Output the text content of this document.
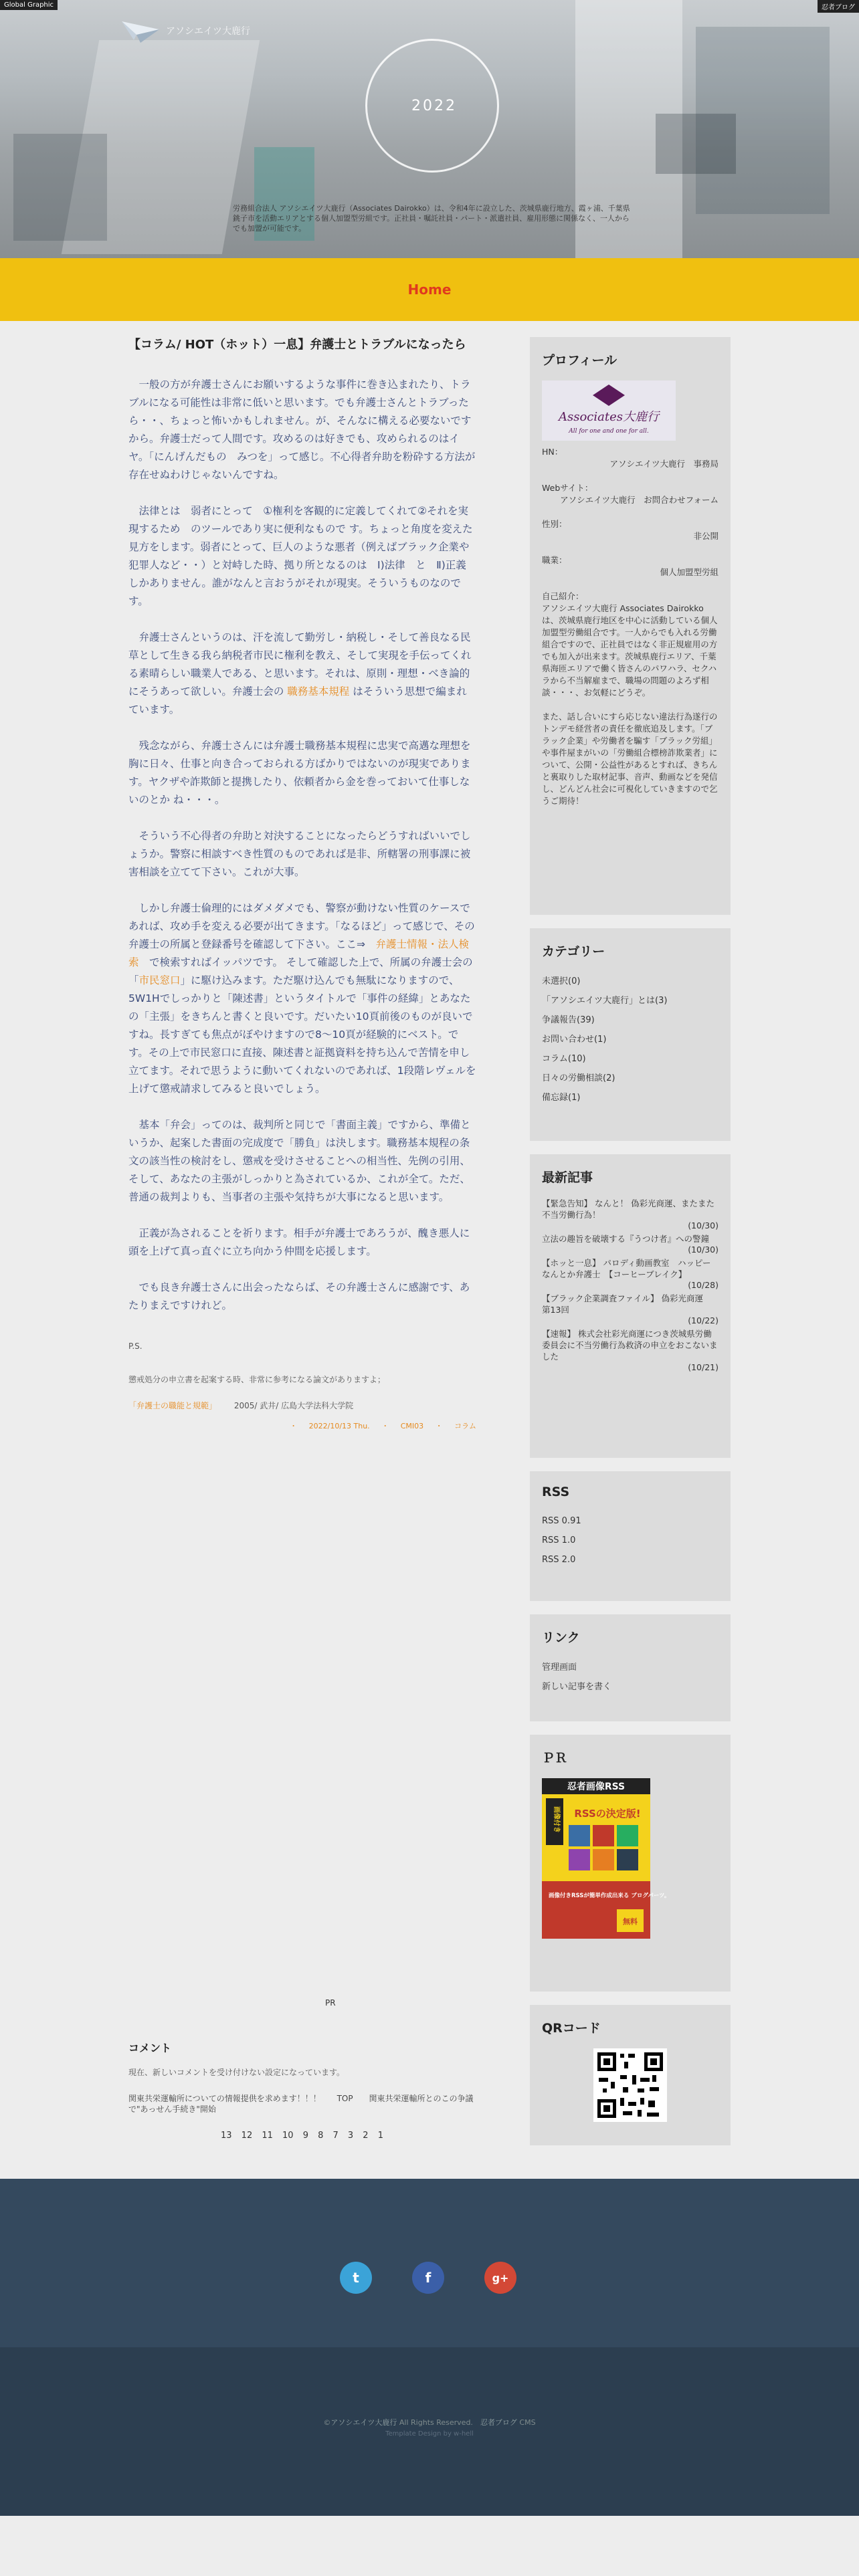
アソシエイツ大鹿行
2022
労務組合法人 アソシエイツ大鹿行（Associates Dairokko）は、令和4年に設立した、茨城県鹿行地方、霞ヶ浦、千葉県銚子市を活動エリアとする個人加盟型労組です。正社員・嘱託社員・パート・派遣社員、雇用形態に関係なく、一人からでも加盟が可能です。
Global Graphic	忍者ブログ
Home
【コラム/ HOT（ホット）一息】弁護士とトラブルになったら

一般の方が弁護士さんにお願いするような事件に巻き込まれたり、トラブルになる可能性は非常に低いと思います。でも弁護士さんとトラブったら・・、ちょっと怖いかもしれません。が、そんなに構える必要ないですから。弁護士だって人間です。攻めるのは好きでも、攻められるのはイヤ。「にんげんだもの　みつを」って感じ。不心得者弁助を粉砕する方法が存在せぬわけじゃないんですね。

法律とは　弱者にとって　①権利を客観的に定義してくれて②それを実現するため　のツールであり実に便利なもので す。ちょっと角度を変えた見方をします。弱者にとって、巨人のような悪者（例えばブラック企業や犯罪人など・・）と対峙した時、拠り所となるのは　Ⅰ)法律　と　Ⅱ)正義　しかありません。誰がなんと言おうがそれが現実。そういうものなのです。

弁護士さんというのは、汗を流して勤労し・納税し・そして善良なる民草として生きる我ら納税者市民に権利を教え、そして実現を手伝ってくれる素晴らしい職業人である、と思います。それは、原則・理想・べき論的にそうあって欲しい。弁護士会の 職務基本規程 はそういう思想で編まれています。

残念ながら、弁護士さんには弁護士職務基本規程に忠実で高邁な理想を胸に日々、仕事と向き合っておられる方ばかりではないのが現実であります。ヤクザや詐欺師と提携したり、依頼者から金を巻っておいて仕事しないのとか ね・・・。

そういう不心得者の弁助と対決することになったらどうすればいいでしょうか。警察に相談すべき性質のものであれば是非、所轄署の刑事課に被害相談を立てて下さい。これが大事。

しかし弁護士倫理的にはダメダメでも、警察が動けない性質のケースであれば、攻め手を変える必要が出てきます。「なるほど」って感じで、その弁護士の所属と登録番号を確認して下さい。ここ⇒　弁護士情報・法人検索　で検索すればイッパツです。 そして確認した上で、所属の弁護士会の「市民窓口」に駆け込みます。ただ駆け込んでも無駄になりますので、5W1Hでしっかりと「陳述書」というタイトルで「事件の経緯」とあなたの「主張」をきちんと書くと良いです。だいたい10頁前後のものが良いですね。長すぎても焦点がぼやけますので8〜10頁が経験的にベスト。です。その上で市民窓口に直接、陳述書と証拠資料を持ち込んで苦情を申し立てます。それで思うように動いてくれないのであれば、1段階レヴェルを上げて懲戒請求してみると良いでしょう。

基本「弁会」ってのは、裁判所と同じで「書面主義」ですから、準備というか、起案した書面の完成度で「勝負」は決します。職務基本規程の条文の該当性の検討をし、懲戒を受けさせることへの相当性、先例の引用、そして、あなたの主張がしっかりと為されているか、これが全て。ただ、普通の裁判よりも、当事者の主張や気持ちが大事になると思います。

正義が為されることを祈ります。相手が弁護士であろうが、醜き悪人に頭を上げて真っ直ぐに立ち向かう仲間を応援します。

でも良き弁護士さんに出会ったならば、その弁護士さんに感謝です、あたりまえですけれど。

P.S.
懲戒処分の申立書を起案する時、非常に参考になる論文がありますよ；
「弁護士の職能と規範」 2005/ 武井/ 広島大学法科大学院
・ 2022/10/13 Thu. ・ CMI03 ・ コラム
PR
コメント
現在、新しいコメントを受け付けない設定になっています。
関東共栄運輸所についての情報提供を求めます！！！ TOP 関東共栄運輸所とのこの争議で"あっせん手続き"開始
13 12 11 10 9 8 7 3 2 1
プロフィール
Associates大鹿行
All for one and one for all.
HN：
アソシエイツ大鹿行　事務局
Webサイト：
アソシエイツ大鹿行　お問合わせフォーム
性別：
非公開
職業：
個人加盟型労組
自己紹介：
アソシエイツ大鹿行 Associates Dairokko は、茨城県鹿行地区を中心に活動している個人加盟型労働組合です。一人からでも入れる労働組合ですので、正社員ではなく非正規雇用の方でも加入が出来ます。茨城県鹿行エリア、千葉県海匝エリアで働く皆さんのパワハラ、セクハラから不当解雇まで、職場の問題のよろず相談・・・、お気軽にどうぞ。
また、話し合いにすら応じない違法行為遂行のトンデモ経営者の責任を徹底追及します。「ブラック企業」や労働者を騙す「ブラック労組」や事件屋まがいの「労働組合標榜詐欺業者」について、公開・公益性があるとすれば、きちんと裏取りした取材記事、音声、動画などを発信し、どんどん社会に可視化していきますので乞うご期待！
カテゴリー
未選択(0)
「アソシエイツ大鹿行」とは(3)
争議報告(39)
お問い合わせ(1)
コラム(10)
日々の労働相談(2)
備忘録(1)
最新記事
【緊急告知】 なんと！ 偽彩光商運、またまた不当労働行為！
(10/30)
立法の趣旨を破壊する『うつけ者』への警鐘
(10/30)
【ホッと一息】 パロディ動画教室　ハッピーなんとか弁護士　【コーヒーブレイク】
(10/28)
【ブラック企業調査ファイル】 偽彩光商運　第13回
(10/22)
【速報】 株式会社彩光商運につき茨城県労働委員会に不当労働行為救済の申立をおこないました
(10/21)
RSS
RSS 0.91
RSS 1.0
RSS 2.0
リンク
管理画面
新しい記事を書く
ＰＲ
忍者画像RSS
画像付き RSSの決定版!
画像付きRSSが簡単作成出来る ブログパーツ。
無料
QRコード
t	f	g+
©アソシエイツ大鹿行 All Rights Reserved.　 忍者ブログ CMS
Template Design by w-hell
